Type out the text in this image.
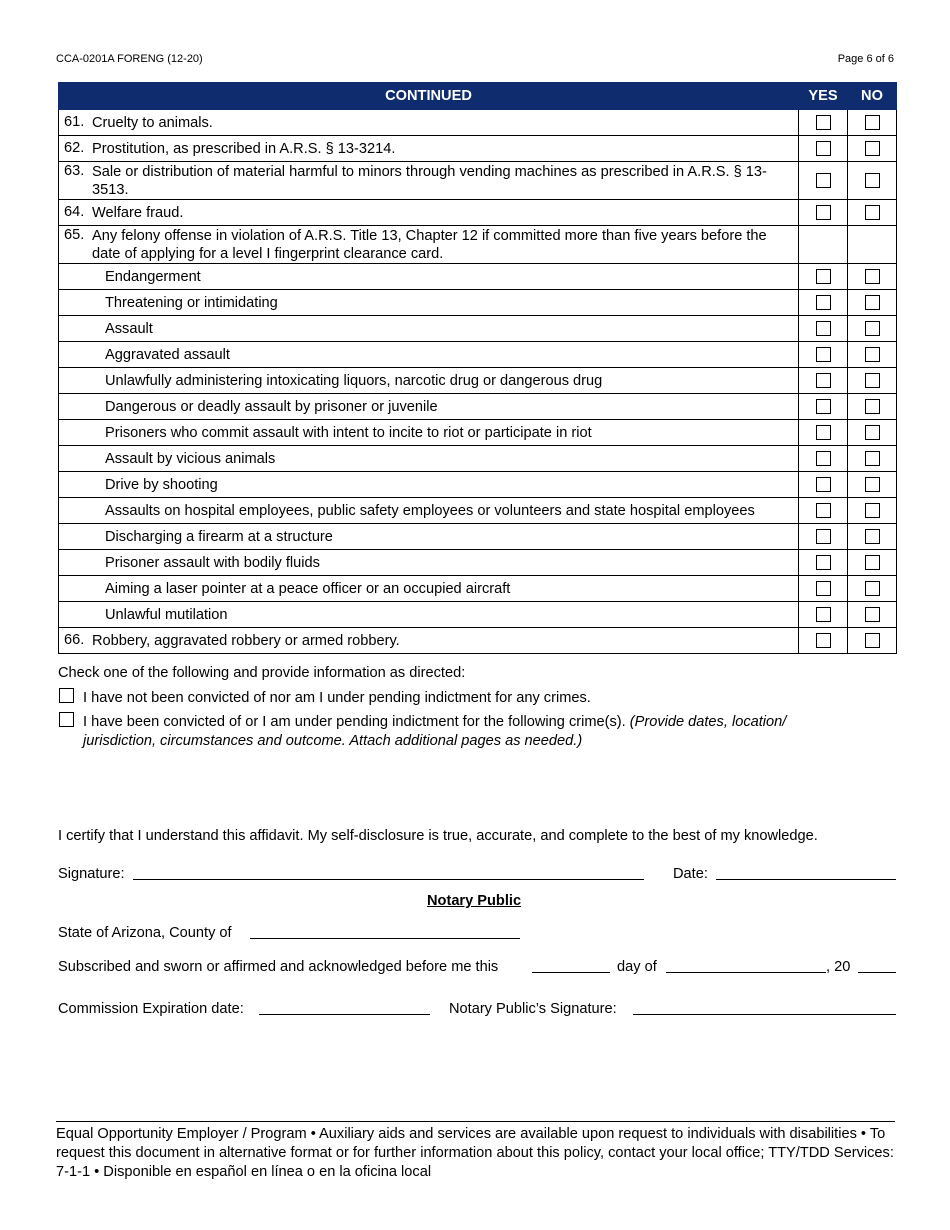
CCA-0201A FORENG (12-20)	Page 6 of 6
CONTINUED	YES	NO
61. Cruelty to animals.		
62. Prostitution, as prescribed in A.R.S. § 13-3214.		
63. Sale or distribution of material harmful to minors through vending machines as prescribed in A.R.S. § 13-3513.		
64. Welfare fraud.		
65. Any felony offense in violation of A.R.S. Title 13, Chapter 12 if committed more than five years before the date of applying for a level I fingerprint clearance card.		
Endangerment		
Threatening or intimidating		
Assault		
Aggravated assault		
Unlawfully administering intoxicating liquors, narcotic drug or dangerous drug		
Dangerous or deadly assault by prisoner or juvenile		
Prisoners who commit assault with intent to incite to riot or participate in riot		
Assault by vicious animals		
Drive by shooting		
Assaults on hospital employees, public safety employees or volunteers and state hospital employees		
Discharging a firearm at a structure		
Prisoner assault with bodily fluids		
Aiming a laser pointer at a peace officer or an occupied aircraft		
Unlawful mutilation		
66. Robbery, aggravated robbery or armed robbery.		
Check one of the following and provide information as directed:
I have not been convicted of nor am I under pending indictment for any crimes.
I have been convicted of or I am under pending indictment for the following crime(s). (Provide dates, location/ jurisdiction, circumstances and outcome. Attach additional pages as needed.)
I certify that I understand this affidavit. My self-disclosure is true, accurate, and complete to the best of my knowledge.
Signature:	Date:
Notary Public
State of Arizona, County of
Subscribed and sworn or affirmed and acknowledged before me this	day of	, 20
Commission Expiration date:	Notary Public’s Signature:
Equal Opportunity Employer / Program • Auxiliary aids and services are available upon request to individuals with disabilities • To request this document in alternative format or for further information about this policy, contact your local office; TTY/TDD Services: 7-1-1 • Disponible en español en línea o en la oficina local
